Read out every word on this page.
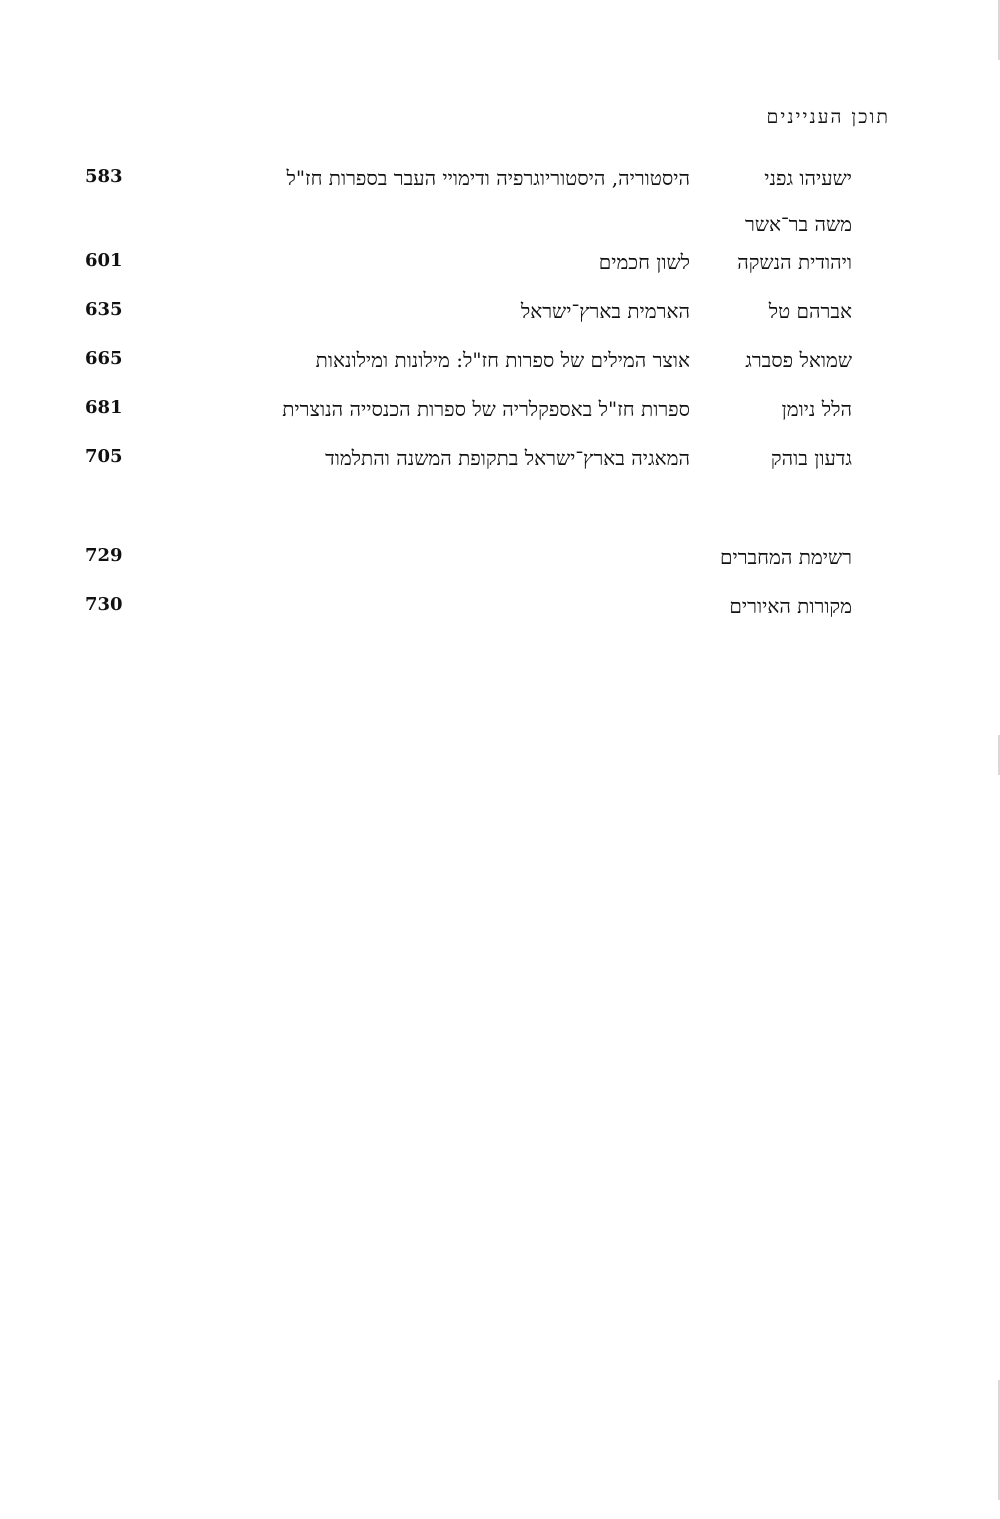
תוכן העניינים
ישעיהו גפני
היסטוריה, היסטוריוגרפיה ודימויי העבר בספרות חז"ל
583
משה בר־אשר
ויהודית הנשקה
לשון חכמים
601
אברהם טל
הארמית בארץ־ישראל
635
שמואל פסברג
אוצר המילים של ספרות חז"ל: מילונות ומילונאות
665
הלל ניומן
ספרות חז"ל באספקלריה של ספרות הכנסייה הנוצרית
681
גדעון בוהק
המאגיה בארץ־ישראל בתקופת המשנה והתלמוד
705
רשימת המחברים
729
מקורות האיורים
730
